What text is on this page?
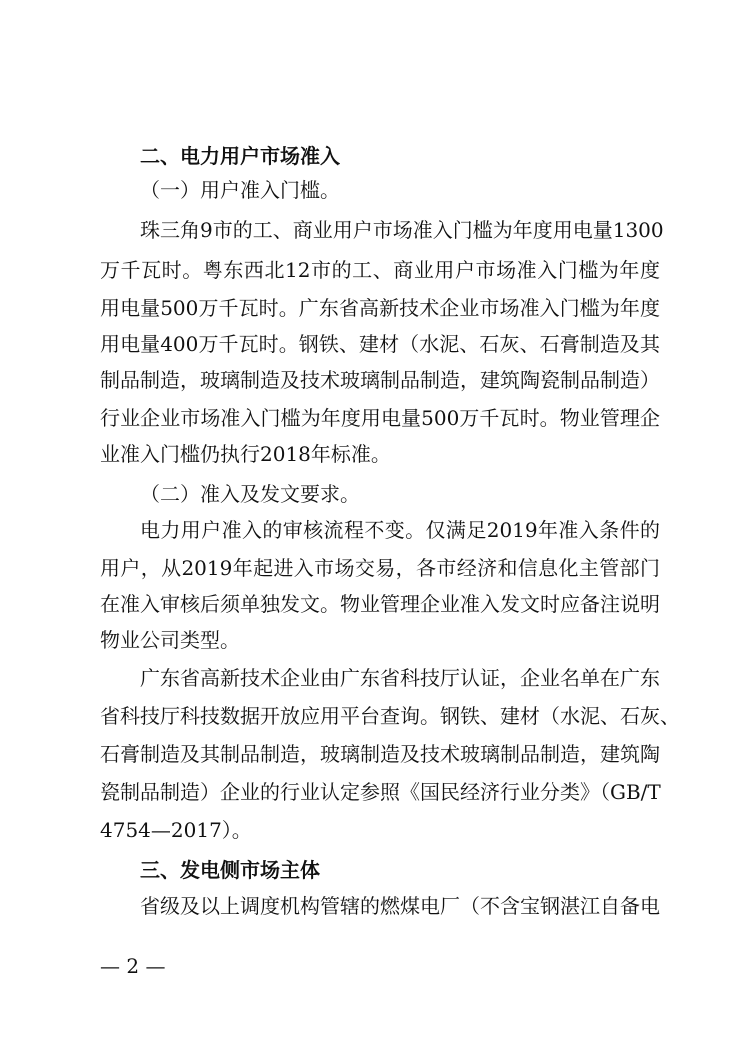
二、电力用户市场准入
（一）用户准入门槛。
珠三角9市的工、商业用户市场准入门槛为年度用电量1300
万千瓦时。粤东西北12市的工、商业用户市场准入门槛为年度
用电量500万千瓦时。广东省高新技术企业市场准入门槛为年度
用电量400万千瓦时。钢铁、建材（水泥、石灰、石膏制造及其
制品制造，玻璃制造及技术玻璃制品制造，建筑陶瓷制品制造）
行业企业市场准入门槛为年度用电量500万千瓦时。物业管理企
业准入门槛仍执行2018年标准。
（二）准入及发文要求。
电力用户准入的审核流程不变。仅满足2019年准入条件的
用户，从2019年起进入市场交易，各市经济和信息化主管部门
在准入审核后须单独发文。物业管理企业准入发文时应备注说明
物业公司类型。
广东省高新技术企业由广东省科技厅认证，企业名单在广东
省科技厅科技数据开放应用平台查询。钢铁、建材（水泥、石灰、
石膏制造及其制品制造，玻璃制造及技术玻璃制品制造，建筑陶
瓷制品制造）企业的行业认定参照《国民经济行业分类》（GB/T
4754—2017）。
三、发电侧市场主体
省级及以上调度机构管辖的燃煤电厂（不含宝钢湛江自备电
— 2 —
